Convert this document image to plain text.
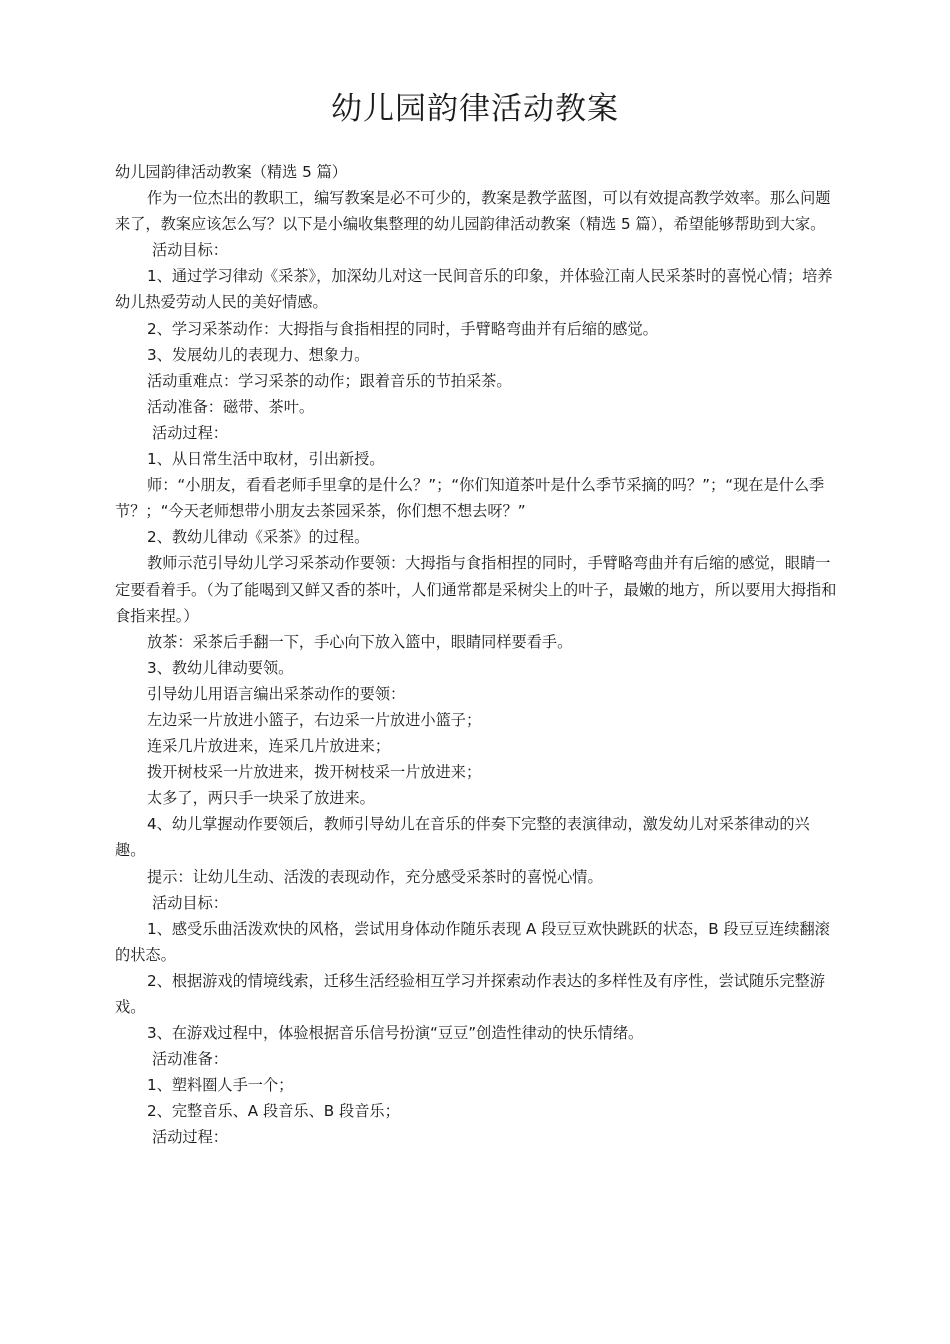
幼儿园韵律活动教案

幼儿园韵律活动教案（精选 5 篇）

作为一位杰出的教职工，编写教案是必不可少的，教案是教学蓝图，可以有效提高教学效率。那么问题来了，教案应该怎么写？以下是小编收集整理的幼儿园韵律活动教案（精选 5 篇），希望能够帮助到大家。

活动目标：

1、通过学习律动《采茶》，加深幼儿对这一民间音乐的印象，并体验江南人民采茶时的喜悦心情；培养幼儿热爱劳动人民的美好情感。

2、学习采茶动作：大拇指与食指相捏的同时，手臂略弯曲并有后缩的感觉。

3、发展幼儿的表现力、想象力。

活动重难点：学习采茶的动作；跟着音乐的节拍采茶。

活动准备：磁带、茶叶。

活动过程：

1、从日常生活中取材，引出新授。

师：“小朋友，看看老师手里拿的是什么？”；“你们知道茶叶是什么季节采摘的吗？”；“现在是什么季节？；“今天老师想带小朋友去茶园采茶，你们想不想去呀？”

2、教幼儿律动《采茶》的过程。

教师示范引导幼儿学习采茶动作要领：大拇指与食指相捏的同时，手臂略弯曲并有后缩的感觉，眼睛一定要看着手。（为了能喝到又鲜又香的茶叶，人们通常都是采树尖上的叶子，最嫩的地方，所以要用大拇指和食指来捏。）

放茶：采茶后手翻一下，手心向下放入篮中，眼睛同样要看手。

3、教幼儿律动要领。

引导幼儿用语言编出采茶动作的要领：

左边采一片放进小篮子，右边采一片放进小篮子；

连采几片放进来，连采几片放进来；

拨开树枝采一片放进来，拨开树枝采一片放进来；

太多了，两只手一块采了放进来。

4、幼儿掌握动作要领后，教师引导幼儿在音乐的伴奏下完整的表演律动，激发幼儿对采茶律动的兴趣。

提示：让幼儿生动、活泼的表现动作，充分感受采茶时的喜悦心情。

活动目标：

1、感受乐曲活泼欢快的风格，尝试用身体动作随乐表现 A 段豆豆欢快跳跃的状态，B 段豆豆连续翻滚的状态。

2、根据游戏的情境线索，迁移生活经验相互学习并探索动作表达的多样性及有序性，尝试随乐完整游戏。

3、在游戏过程中，体验根据音乐信号扮演“豆豆”创造性律动的快乐情绪。

活动准备：

1、塑料圈人手一个；

2、完整音乐、A 段音乐、B 段音乐；

活动过程：
